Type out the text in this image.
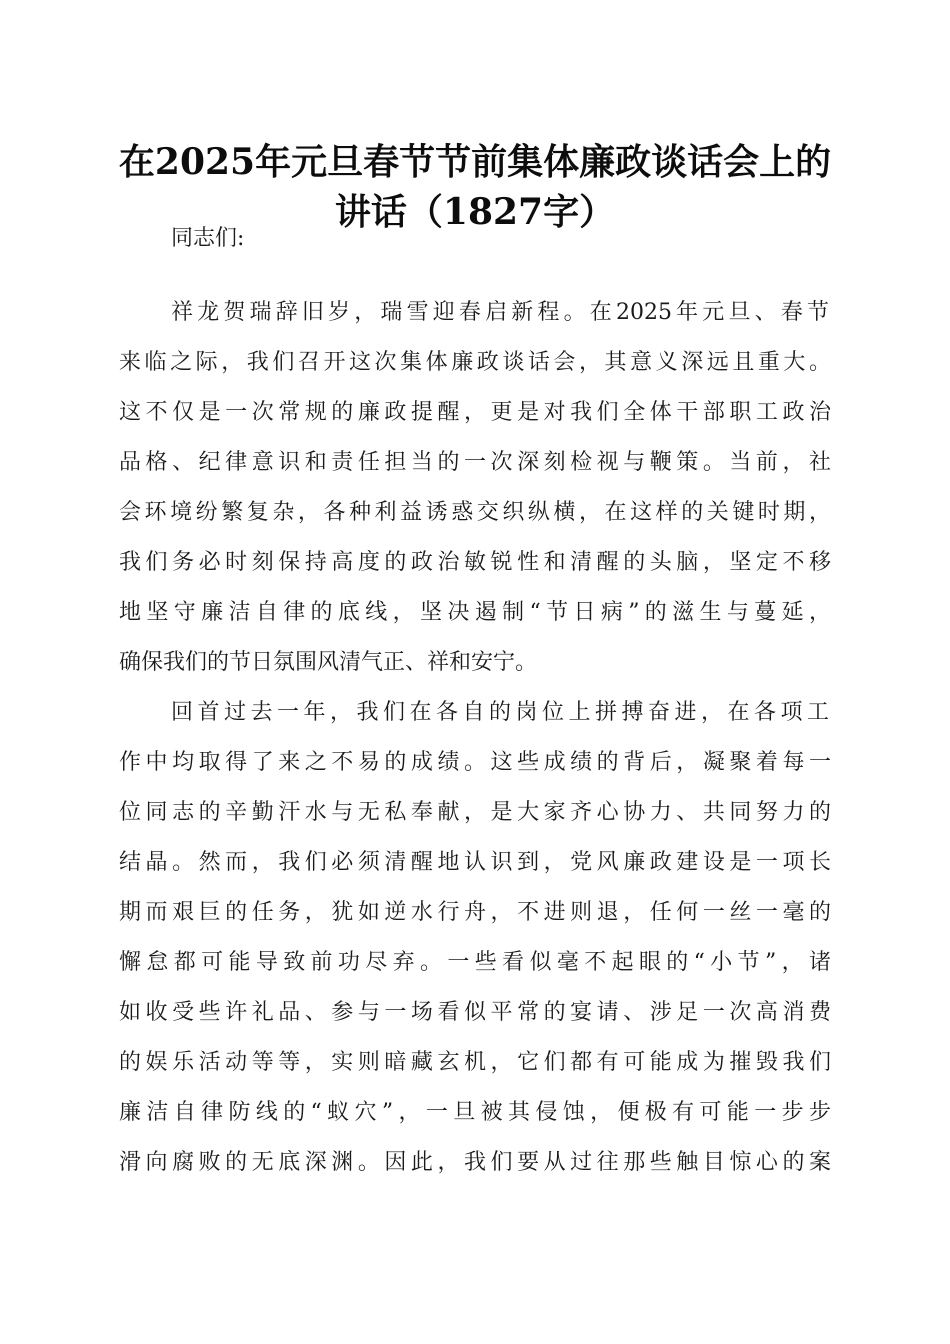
在2025年元旦春节节前集体廉政谈话会上的
讲话（1827字）
同志们:
祥龙贺瑞辞旧岁，瑞雪迎春启新程。在2025年元旦、春节
来临之际，我们召开这次集体廉政谈话会，其意义深远且重大。
这不仅是一次常规的廉政提醒，更是对我们全体干部职工政治
品格、纪律意识和责任担当的一次深刻检视与鞭策。当前，社
会环境纷繁复杂，各种利益诱惑交织纵横，在这样的关键时期，
我们务必时刻保持高度的政治敏锐性和清醒的头脑，坚定不移
地坚守廉洁自律的底线，坚决遏制“节日病”的滋生与蔓延，
确保我们的节日氛围风清气正、祥和安宁。
回首过去一年，我们在各自的岗位上拼搏奋进，在各项工
作中均取得了来之不易的成绩。这些成绩的背后，凝聚着每一
位同志的辛勤汗水与无私奉献，是大家齐心协力、共同努力的
结晶。然而，我们必须清醒地认识到，党风廉政建设是一项长
期而艰巨的任务，犹如逆水行舟，不进则退，任何一丝一毫的
懈怠都可能导致前功尽弃。一些看似毫不起眼的“小节”，诸
如收受些许礼品、参与一场看似平常的宴请、涉足一次高消费
的娱乐活动等等，实则暗藏玄机，它们都有可能成为摧毁我们
廉洁自律防线的“蚁穴”，一旦被其侵蚀，便极有可能一步步
滑向腐败的无底深渊。因此，我们要从过往那些触目惊心的案
